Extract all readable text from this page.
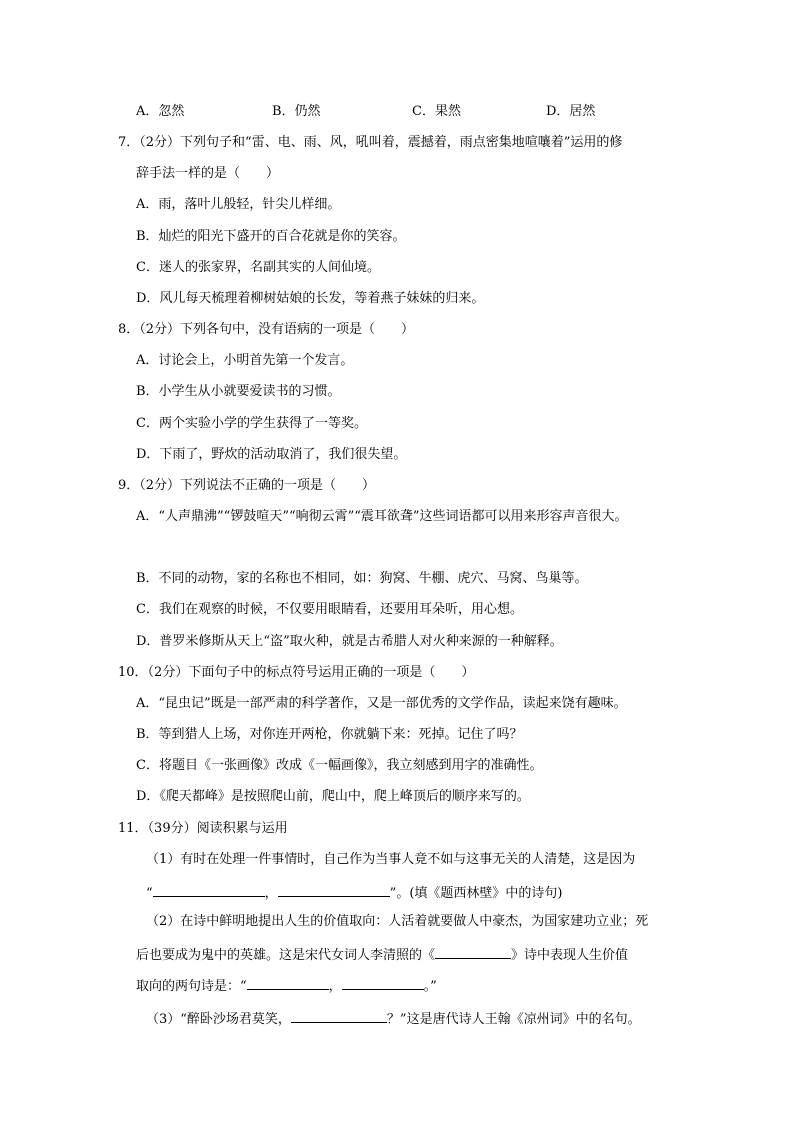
A．忽然	B．仍然	C．果然	D．居然
7．（2分）下列句子和“雷、电、雨、风，吼叫着，震撼着，雨点密集地喧嚷着”运用的修
辞手法一样的是（　　）
A．雨，落叶儿般轻，针尖儿样细。
B．灿烂的阳光下盛开的百合花就是你的笑容。
C．迷人的张家界，名副其实的人间仙境。
D．风儿每天梳理着柳树姑娘的长发，等着燕子妹妹的归来。
8．（2分）下列各句中，没有语病的一项是（　　）
A．讨论会上，小明首先第一个发言。
B．小学生从小就要爱读书的习惯。
C．两个实验小学的学生获得了一等奖。
D．下雨了，野炊的活动取消了，我们很失望。
9．（2分）下列说法不正确的一项是（　　）
A．“人声鼎沸”“锣鼓喧天”“响彻云霄”“震耳欲聋”这些词语都可以用来形容声音很大。
B．不同的动物，家的名称也不相同，如：狗窝、牛棚、虎穴、马窝、鸟巢等。
C．我们在观察的时候，不仅要用眼睛看，还要用耳朵听，用心想。
D．普罗米修斯从天上“盗”取火种，就是古希腊人对火种来源的一种解释。
10．（2分）下面句子中的标点符号运用正确的一项是（　　）
A．“昆虫记”既是一部严肃的科学著作，又是一部优秀的文学作品，读起来饶有趣味。
B．等到猎人上场，对你连开两枪，你就躺下来：死掉。记住了吗？
C．将题目《一张画像》改成《一幅画像》，我立刻感到用字的准确性。
D．《爬天都峰》是按照爬山前，爬山中，爬上峰顶后的顺序来写的。
11．（39分）阅读积累与运用
（1）有时在处理一件事情时，自己作为当事人竟不如与这事无关的人清楚，这是因为
“	，	”。(填《题西林壁》中的诗句)
（2）在诗中鲜明地提出人生的价值取向：人活着就要做人中豪杰，为国家建功立业；死
后也要成为鬼中的英雄。这是宋代女词人李清照的《	》诗中表现人生价值
取向的两句诗是：“	，	。”
（3）“醉卧沙场君莫笑，	？”这是唐代诗人王翰《凉州词》中的名句。
